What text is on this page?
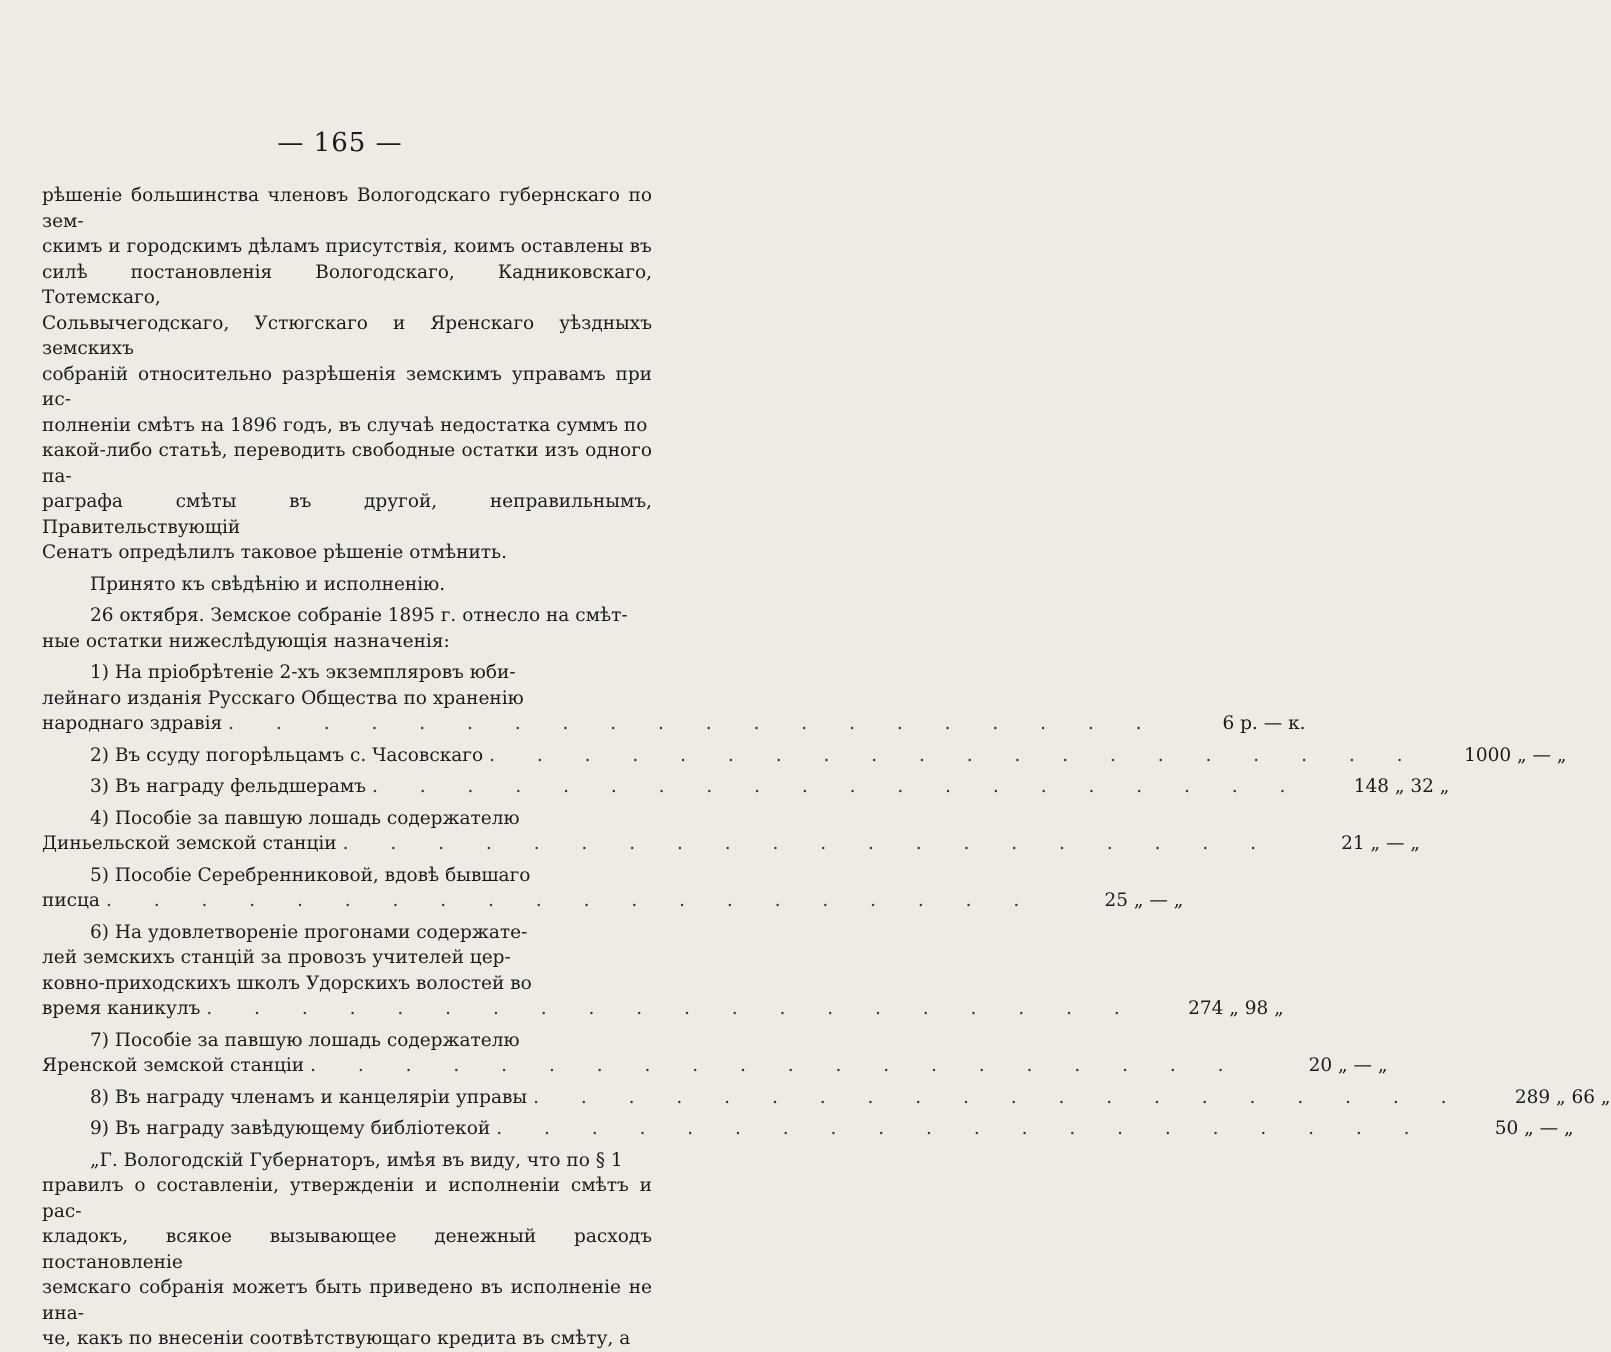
— 165 —

рѣшеніе большинства членовъ Вологодскаго губернскаго по зем-

скимъ и городскимъ дѣламъ присутствія, коимъ оставлены въ

силѣ постановленія Вологодскаго, Кадниковскаго, Тотемскаго,

Сольвычегодскаго, Устюгскаго и Яренскаго уѣздныхъ земскихъ

собраній относительно разрѣшенія земскимъ управамъ при ис-

полненіи смѣтъ на 1896 годъ, въ случаѣ недостатка суммъ по

какой-либо статьѣ, переводить свободные остатки изъ одного па-

раграфа смѣты въ другой, неправильнымъ, Правительствующій

Сенатъ опредѣлилъ таковое рѣшеніе отмѣнить.

Принято къ свѣдѣнію и исполненію.

26 октября. Земское собраніе 1895 г. отнесло на смѣт-

ные остатки нижеслѣдующія назначенія:

1) На пріобрѣтеніе 2-хъ экземпляровъ юби-

лейнаго изданія Русскаго Общества по храненію

народнаго здравія . . . . . . . . . . . . . . . . . . . .	6 р. — к.
2) Въ ссуду погорѣльцамъ с. Часовскаго . . . . . . . . . . . . . . . . . . . .	1000 „ — „
3) Въ награду фельдшерамъ . . . . . . . . . . . . . . . . . . . .	148 „ 32 „

4) Пособіе за павшую лошадь содержателю

Диньельской земской станціи . . . . . . . . . . . . . . . . . . . .	21 „ — „

5) Пособіе Серебренниковой, вдовѣ бывшаго

писца . . . . . . . . . . . . . . . . . . . .	25 „ — „

6) На удовлетвореніе прогонами содержате-

лей земскихъ станцій за провозъ учителей цер-

ковно-приходскихъ школъ Удорскихъ волостей во

время каникулъ . . . . . . . . . . . . . . . . . . . .	274 „ 98 „

7) Пособіе за павшую лошадь содержателю

Яренской земской станціи . . . . . . . . . . . . . . . . . . . .	20 „ — „
8) Въ награду членамъ и канцеляріи управы . . . . . . . . . . . . . . . . . . . .	289 „ 66 „
9) Въ награду завѣдующему библіотекой . . . . . . . . . . . . . . . . . . . .	50 „ — „

„Г. Вологодскій Губернаторъ, имѣя въ виду, что по § 1

правилъ о составленіи, утвержденіи и исполненіи смѣтъ и рас-

кладокъ, всякое вызывающее денежный расходъ постановленіе

земскаго собранія можетъ быть приведено въ исполненіе не ина-

че, какъ по внесеніи соотвѣтствующаго кредита въ смѣту, а
